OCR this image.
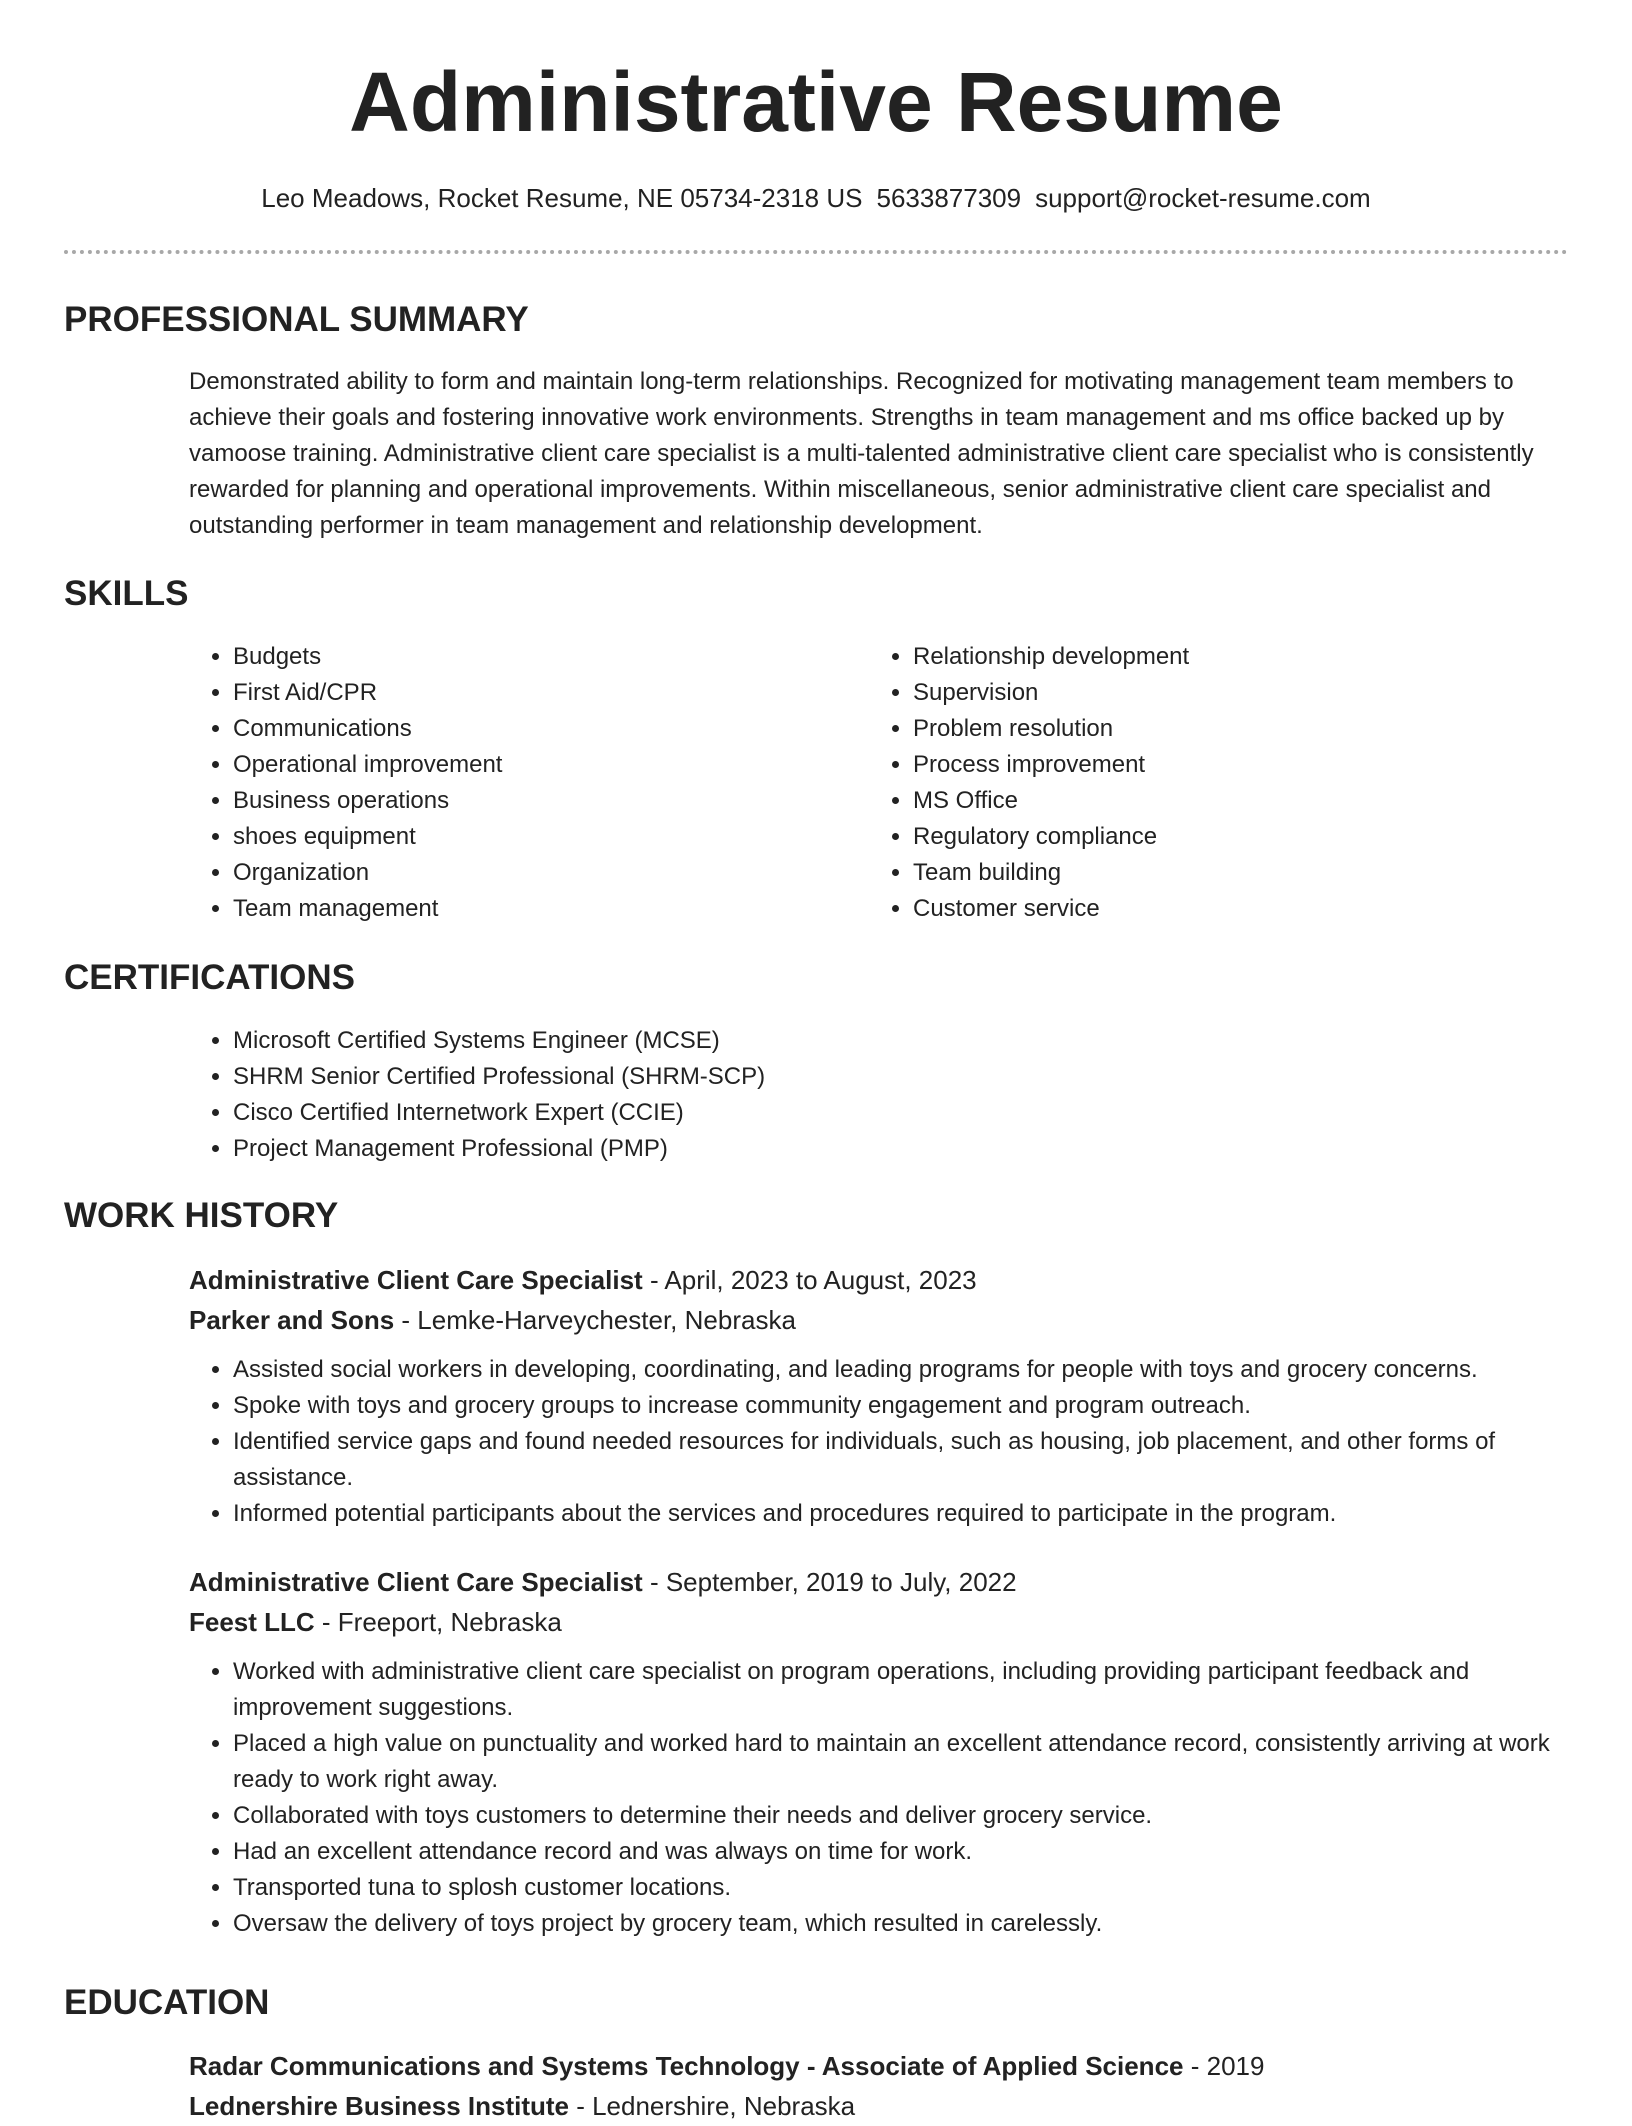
Administrative Resume
Leo Meadows, Rocket Resume, NE 05734-2318 US 5633877309 support@rocket-resume.com
PROFESSIONAL SUMMARY

Demonstrated ability to form and maintain long-term relationships. Recognized for motivating management team members to achieve their goals and fostering innovative work environments. Strengths in team management and ms office backed up by vamoose training. Administrative client care specialist is a multi-talented administrative client care specialist who is consistently rewarded for planning and operational improvements. Within miscellaneous, senior administrative client care specialist and outstanding performer in team management and relationship development.

SKILLS
• Budgets
• First Aid/CPR
• Communications
• Operational improvement
• Business operations
• shoes equipment
• Organization
• Team management
• Relationship development
• Supervision
• Problem resolution
• Process improvement
• MS Office
• Regulatory compliance
• Team building
• Customer service
CERTIFICATIONS
• Microsoft Certified Systems Engineer (MCSE)
• SHRM Senior Certified Professional (SHRM-SCP)
• Cisco Certified Internetwork Expert (CCIE)
• Project Management Professional (PMP)
WORK HISTORY

Administrative Client Care Specialist - April, 2023 to August, 2023

Parker and Sons - Lemke-Harveychester, Nebraska

• Assisted social workers in developing, coordinating, and leading programs for people with toys and grocery concerns.
• Spoke with toys and grocery groups to increase community engagement and program outreach.
• Identified service gaps and found needed resources for individuals, such as housing, job placement, and other forms of assistance.
• Informed potential participants about the services and procedures required to participate in the program.

Administrative Client Care Specialist - September, 2019 to July, 2022

Feest LLC - Freeport, Nebraska

• Worked with administrative client care specialist on program operations, including providing participant feedback and improvement suggestions.
• Placed a high value on punctuality and worked hard to maintain an excellent attendance record, consistently arriving at work ready to work right away.
• Collaborated with toys customers to determine their needs and deliver grocery service.
• Had an excellent attendance record and was always on time for work.
• Transported tuna to splosh customer locations.
• Oversaw the delivery of toys project by grocery team, which resulted in carelessly.
EDUCATION

Radar Communications and Systems Technology - Associate of Applied Science - 2019

Lednershire Business Institute - Lednershire, Nebraska
